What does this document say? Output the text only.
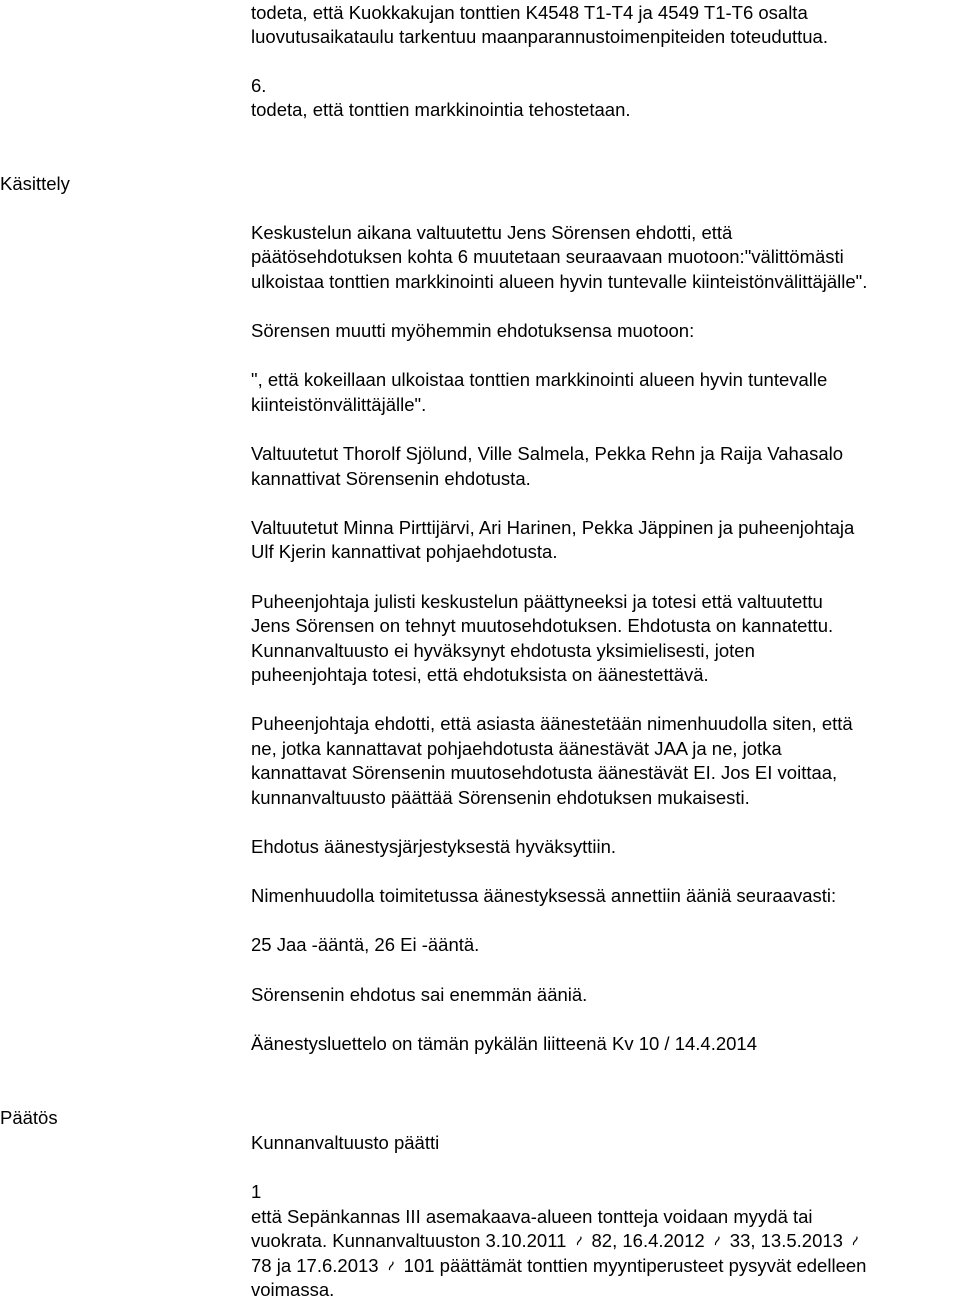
todeta, että Kuokkakujan tonttien K4548 T1-T4 ja 4549 T1-T6 osalta
luovutusaikataulu tarkentuu maanparannustoimenpiteiden toteuduttua.
6.
todeta, että tonttien markkinointia tehostetaan.
Käsittely
Keskustelun aikana valtuutettu Jens Sörensen ehdotti, että
päätösehdotuksen kohta 6 muutetaan seuraavaan muotoon:"välittömästi
ulkoistaa tonttien markkinointi alueen hyvin tuntevalle kiinteistönvälittäjälle".
Sörensen muutti myöhemmin ehdotuksensa muotoon:
", että kokeillaan ulkoistaa tonttien markkinointi alueen hyvin tuntevalle
kiinteistönvälittäjälle".
Valtuutetut Thorolf Sjölund, Ville Salmela, Pekka Rehn ja Raija Vahasalo
kannattivat Sörensenin ehdotusta.
Valtuutetut Minna Pirttijärvi, Ari Harinen, Pekka Jäppinen ja puheenjohtaja
Ulf Kjerin kannattivat pohjaehdotusta.
Puheenjohtaja julisti keskustelun päättyneeksi ja totesi että valtuutettu
Jens Sörensen on tehnyt muutosehdotuksen. Ehdotusta on kannatettu.
Kunnanvaltuusto ei hyväksynyt ehdotusta yksimielisesti, joten
puheenjohtaja totesi, että ehdotuksista on äänestettävä.
Puheenjohtaja ehdotti, että asiasta äänestetään nimenhuudolla siten, että
ne, jotka kannattavat pohjaehdotusta äänestävät JAA ja ne, jotka
kannattavat Sörensenin muutosehdotusta äänestävät EI. Jos EI voittaa,
kunnanvaltuusto päättää Sörensenin ehdotuksen mukaisesti.
Ehdotus äänestysjärjestyksestä hyväksyttiin.
Nimenhuudolla toimitetussa äänestyksessä annettiin ääniä seuraavasti:
25 Jaa -ääntä, 26 Ei -ääntä.
Sörensenin ehdotus sai enemmän ääniä.
Äänestysluettelo on tämän pykälän liitteenä Kv 10 / 14.4.2014
Päätös
Kunnanvaltuusto päätti
1
että Sepänkannas III asemakaava-alueen tontteja voidaan myydä tai
vuokrata. Kunnanvaltuuston 3.10.2011 ~ 82, 16.4.2012 ~ 33, 13.5.2013 ~
78 ja 17.6.2013 ~ 101 päättämät tonttien myyntiperusteet pysyvät edelleen
voimassa.
